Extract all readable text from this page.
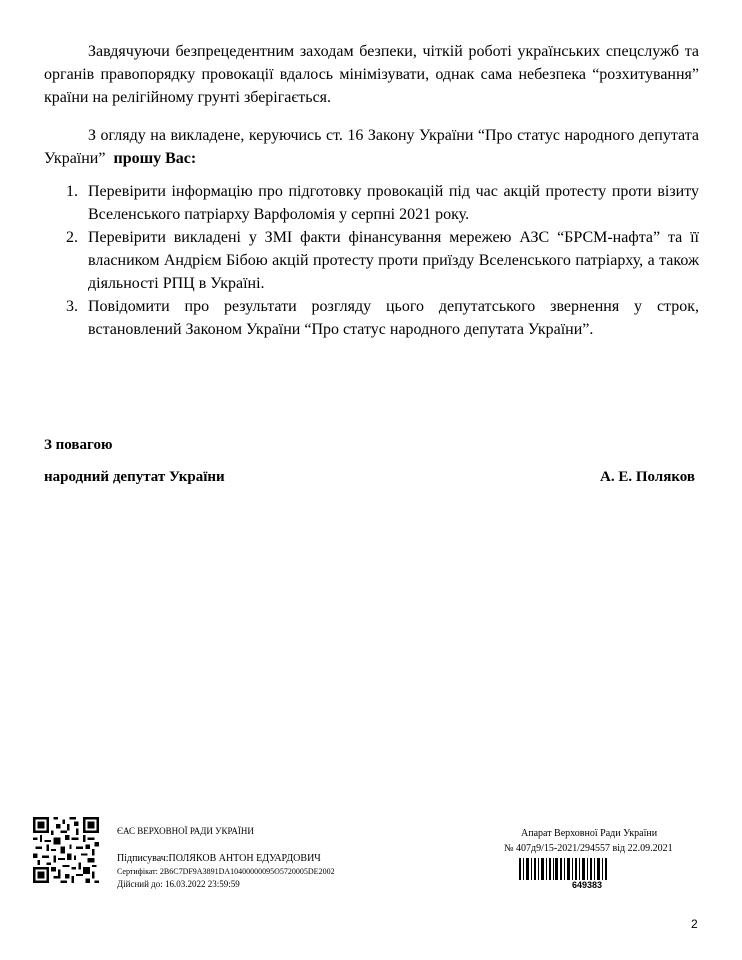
Завдячуючи безпрецедентним заходам безпеки, чіткій роботі українських спецслужб та органів правопорядку провокації вдалось мінімізувати, однак сама небезпека “розхитування” країни на релігійному грунті зберігається.

З огляду на викладене, керуючись ст. 16 Закону України “Про статус народного депутата України” прошу Вас:

1. Перевірити інформацію про підготовку провокацій під час акцій протесту проти візиту Вселенського патріарху Варфоломія у серпні 2021 року.
2. Перевірити викладені у ЗМІ факти фінансування мережею АЗС “БРСМ-нафта” та її власником Андрієм Бібою акцій протесту проти приїзду Вселенського патріарху, а також діяльності РПЦ в Україні.
3. Повідомити про результати розгляду цього депутатського звернення у строк, встановлений Законом України “Про статус народного депутата України”.
З повагою
народний депутат України	А. Е. Поляков
ЄАС ВЕРХОВНОЇ РАДИ УКРАЇНИ
Підписувач:ПОЛЯКОВ АНТОН ЕДУАРДОВИЧ
Сертифікат: 2B6C7DF9A3891DA10400000095O5720005DE2002
Дійсний до: 16.03.2022 23:59:59
Апарат Верховної Ради України
№ 407д9/15-2021/294557 від 22.09.2021
649383
2
